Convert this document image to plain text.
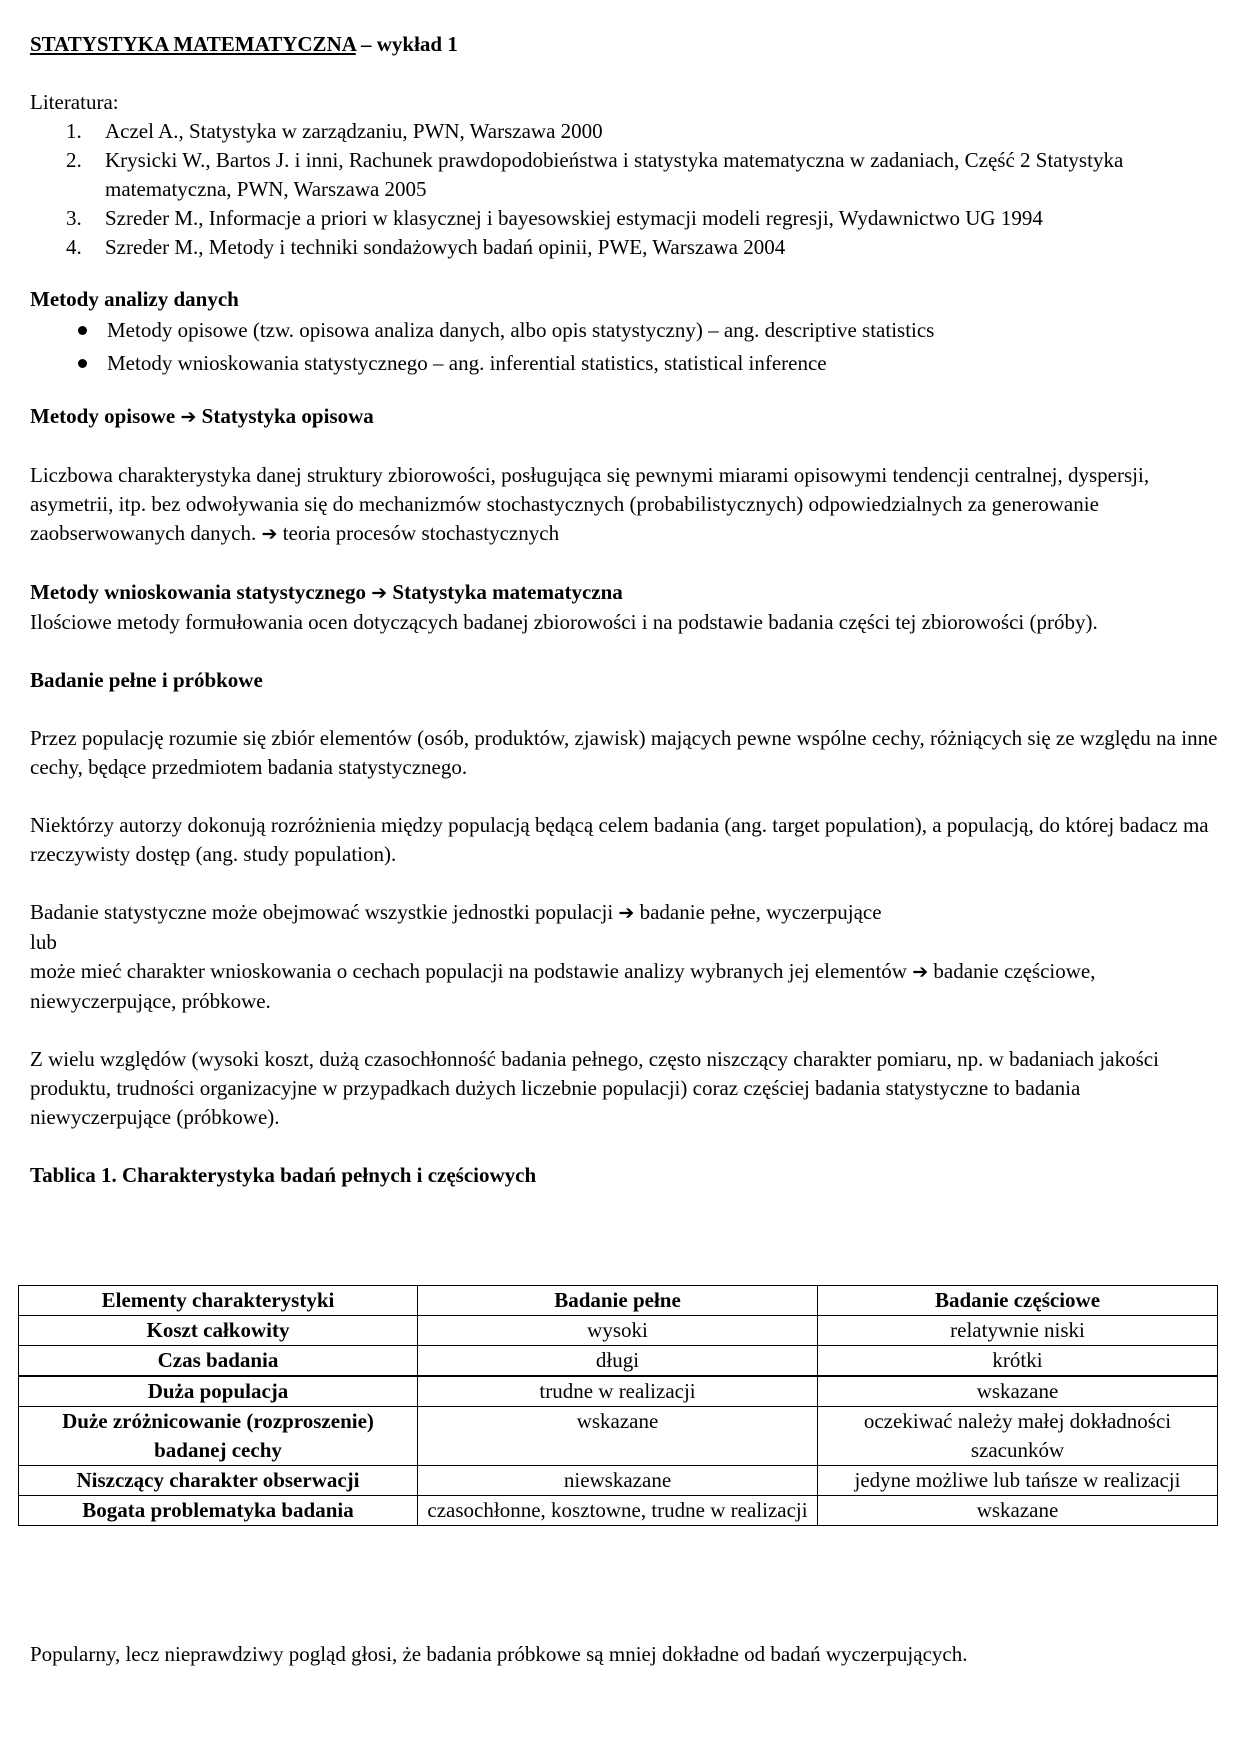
STATYSTYKA MATEMATYCZNA – wykład 1

Literatura:

1. Aczel A., Statystyka w zarządzaniu, PWN, Warszawa 2000
2. Krysicki W., Bartos J. i inni, Rachunek prawdopodobieństwa i statystyka matematyczna w zadaniach, Część 2 Statystyka matematyczna, PWN, Warszawa 2005
3. Szreder M., Informacje a priori w klasycznej i bayesowskiej estymacji modeli regresji, Wydawnictwo UG 1994
4. Szreder M., Metody i techniki sondażowych badań opinii, PWE, Warszawa 2004
Metody analizy danych
Metody opisowe (tzw. opisowa analiza danych, albo opis statystyczny) – ang. descriptive statistics
Metody wnioskowania statystycznego – ang. inferential statistics, statistical inference
Metody opisowe ➔ Statystyka opisowa

Liczbowa charakterystyka danej struktury zbiorowości, posługująca się pewnymi miarami opisowymi tendencji centralnej, dyspersji, asymetrii, itp. bez odwoływania się do mechanizmów stochastycznych (probabilistycznych) odpowiedzialnych za generowanie zaobserwowanych danych. ➔ teoria procesów stochastycznych

Metody wnioskowania statystycznego ➔ Statystyka matematyczna

Ilościowe metody formułowania ocen dotyczących badanej zbiorowości i na podstawie badania części tej zbiorowości (próby).

Badanie pełne i próbkowe

Przez populację rozumie się zbiór elementów (osób, produktów, zjawisk) mających pewne wspólne cechy, różniących się ze względu na inne cechy, będące przedmiotem badania statystycznego.

Niektórzy autorzy dokonują rozróżnienia między populacją będącą celem badania (ang. target population), a populacją, do której badacz ma rzeczywisty dostęp (ang. study population).

Badanie statystyczne może obejmować wszystkie jednostki populacji ➔ badanie pełne, wyczerpujące

lub

może mieć charakter wnioskowania o cechach populacji na podstawie analizy wybranych jej elementów ➔ badanie częściowe, niewyczerpujące, próbkowe.

Z wielu względów (wysoki koszt, dużą czasochłonność badania pełnego, często niszczący charakter pomiaru, np. w badaniach jakości produktu, trudności organizacyjne w przypadkach dużych liczebnie populacji) coraz częściej badania statystyczne to badania niewyczerpujące (próbkowe).

Tablica 1. Charakterystyka badań pełnych i częściowych
Elementy charakterystyki	Badanie pełne	Badanie częściowe
Koszt całkowity	wysoki	relatywnie niski
Czas badania	długi	krótki
Duża populacja	trudne w realizacji	wskazane
Duże zróżnicowanie (rozproszenie) badanej cechy	wskazane	oczekiwać należy małej dokładności szacunków
Niszczący charakter obserwacji	niewskazane	jedyne możliwe lub tańsze w realizacji
Bogata problematyka badania	czasochłonne, kosztowne, trudne w realizacji	wskazane

Popularny, lecz nieprawdziwy pogląd głosi, że badania próbkowe są mniej dokładne od badań wyczerpujących.
